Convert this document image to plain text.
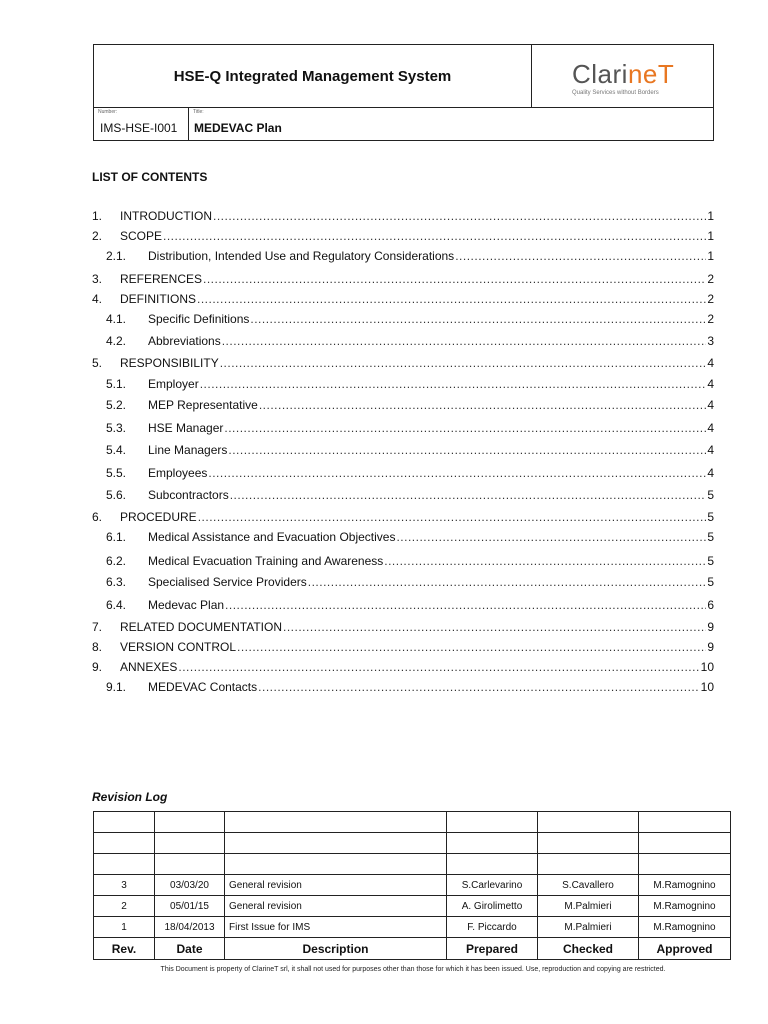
HSE-Q Integrated Management System	ClarineT
Quality Services without Borders
Number:
IMS-HSE-I001
Title:
MEDEVAC Plan
LIST OF CONTENTS
1.	INTRODUCTION .....	1
2.	SCOPE .....	1
2.1.	Distribution, Intended Use and Regulatory Considerations .....	1
3.	REFERENCES .....	2
4.	DEFINITIONS .....	2
4.1.	Specific Definitions .....	2
4.2.	Abbreviations .....	3
5.	RESPONSIBILITY .....	4
5.1.	Employer .....	4
5.2.	MEP Representative .....	4
5.3.	HSE Manager .....	4
5.4.	Line Managers .....	4
5.5.	Employees .....	4
5.6.	Subcontractors .....	5
6.	PROCEDURE .....	5
6.1.	Medical Assistance and Evacuation Objectives .....	5
6.2.	Medical Evacuation Training and Awareness .....	5
6.3.	Specialised Service Providers .....	5
6.4.	Medevac Plan .....	6
7.	RELATED DOCUMENTATION .....	9
8.	VERSION CONTROL .....	9
9.	ANNEXES .....	10
9.1.	MEDEVAC Contacts .....	10
Revision Log

3	03/03/20	General revision	S.Carlevarino	S.Cavallero	M.Ramognino
2	05/01/15	General revision	A. Girolimetto	M.Palmieri	M.Ramognino
1	18/04/2013	First Issue for IMS	F. Piccardo	M.Palmieri	M.Ramognino
Rev.	Date	Description	Prepared	Checked	Approved
This Document is property of ClarineT srl, it shall not used for purposes other than those for which it has been issued. Use, reproduction and copying are restricted.
